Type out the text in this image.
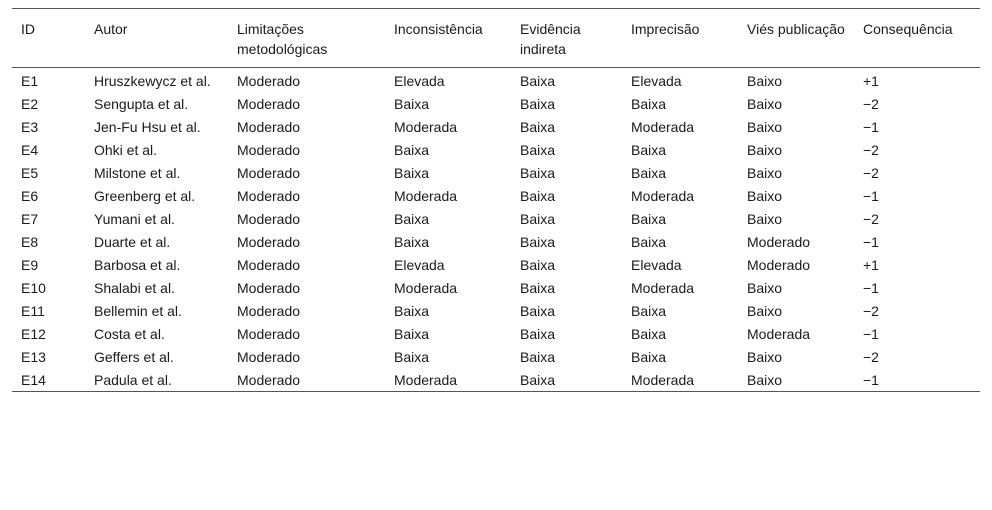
ID	Autor	Limitações metodológicas	Inconsistência	Evidência indireta	Imprecisão	Viés publicação	Consequência
E1	Hruszkewycz et al.	Moderado	Elevada	Baixa	Elevada	Baixo	+1
E2	Sengupta et al.	Moderado	Baixa	Baixa	Baixa	Baixo	−2
E3	Jen-Fu Hsu et al.	Moderado	Moderada	Baixa	Moderada	Baixo	−1
E4	Ohki et al.	Moderado	Baixa	Baixa	Baixa	Baixo	−2
E5	Milstone et al.	Moderado	Baixa	Baixa	Baixa	Baixo	−2
E6	Greenberg et al.	Moderado	Moderada	Baixa	Moderada	Baixo	−1
E7	Yumani et al.	Moderado	Baixa	Baixa	Baixa	Baixo	−2
E8	Duarte et al.	Moderado	Baixa	Baixa	Baixa	Moderado	−1
E9	Barbosa et al.	Moderado	Elevada	Baixa	Elevada	Moderado	+1
E10	Shalabi et al.	Moderado	Moderada	Baixa	Moderada	Baixo	−1
E11	Bellemin et al.	Moderado	Baixa	Baixa	Baixa	Baixo	−2
E12	Costa et al.	Moderado	Baixa	Baixa	Baixa	Moderada	−1
E13	Geffers et al.	Moderado	Baixa	Baixa	Baixa	Baixo	−2
E14	Padula et al.	Moderado	Moderada	Baixa	Moderada	Baixo	−1
